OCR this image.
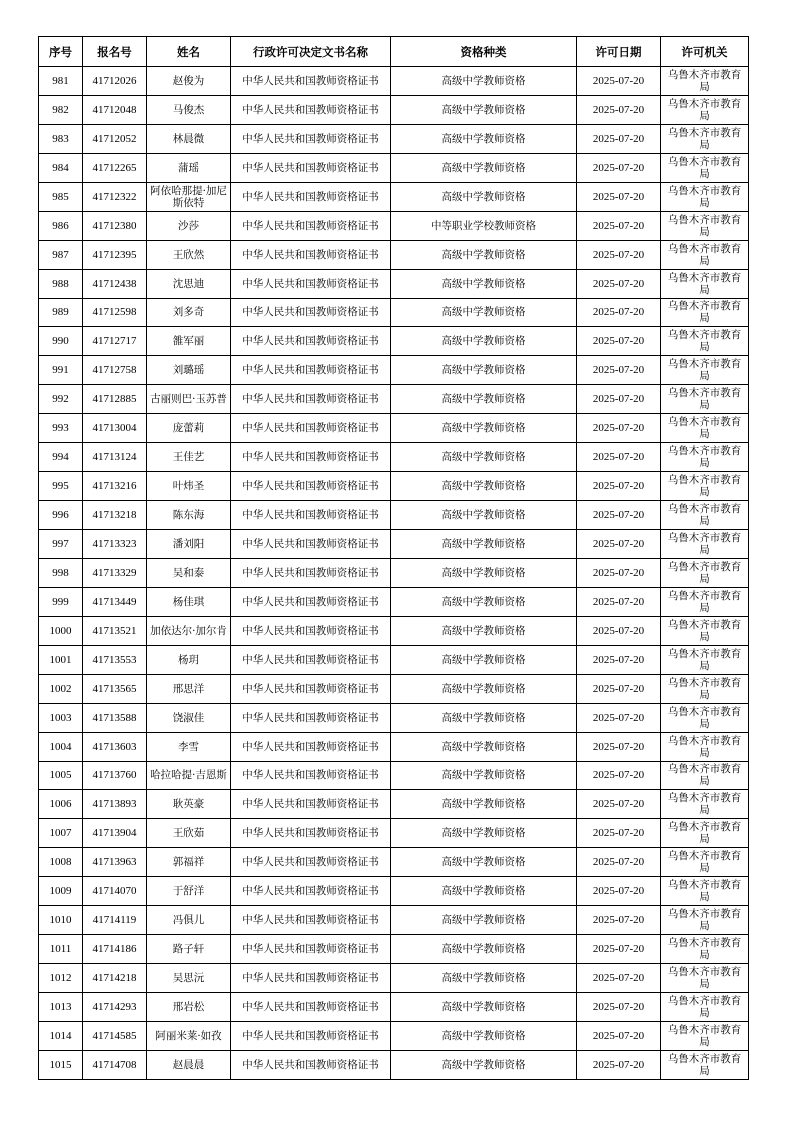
序号	报名号	姓名	行政许可决定文书名称	资格种类	许可日期	许可机关
981	41712026	赵俊为	中华人民共和国教师资格证书	高级中学教师资格	2025-07-20	乌鲁木齐市教育局
982	41712048	马俊杰	中华人民共和国教师资格证书	高级中学教师资格	2025-07-20	乌鲁木齐市教育局
983	41712052	林晨微	中华人民共和国教师资格证书	高级中学教师资格	2025-07-20	乌鲁木齐市教育局
984	41712265	蒲瑶	中华人民共和国教师资格证书	高级中学教师资格	2025-07-20	乌鲁木齐市教育局
985	41712322	阿依哈那提·加尼斯依特	中华人民共和国教师资格证书	高级中学教师资格	2025-07-20	乌鲁木齐市教育局
986	41712380	沙莎	中华人民共和国教师资格证书	中等职业学校教师资格	2025-07-20	乌鲁木齐市教育局
987	41712395	王欣然	中华人民共和国教师资格证书	高级中学教师资格	2025-07-20	乌鲁木齐市教育局
988	41712438	沈思迪	中华人民共和国教师资格证书	高级中学教师资格	2025-07-20	乌鲁木齐市教育局
989	41712598	刘多奇	中华人民共和国教师资格证书	高级中学教师资格	2025-07-20	乌鲁木齐市教育局
990	41712717	雒军丽	中华人民共和国教师资格证书	高级中学教师资格	2025-07-20	乌鲁木齐市教育局
991	41712758	刘璐瑶	中华人民共和国教师资格证书	高级中学教师资格	2025-07-20	乌鲁木齐市教育局
992	41712885	古丽则巴·玉苏普	中华人民共和国教师资格证书	高级中学教师资格	2025-07-20	乌鲁木齐市教育局
993	41713004	庞蕾莉	中华人民共和国教师资格证书	高级中学教师资格	2025-07-20	乌鲁木齐市教育局
994	41713124	王佳艺	中华人民共和国教师资格证书	高级中学教师资格	2025-07-20	乌鲁木齐市教育局
995	41713216	叶炜圣	中华人民共和国教师资格证书	高级中学教师资格	2025-07-20	乌鲁木齐市教育局
996	41713218	陈东海	中华人民共和国教师资格证书	高级中学教师资格	2025-07-20	乌鲁木齐市教育局
997	41713323	潘刘阳	中华人民共和国教师资格证书	高级中学教师资格	2025-07-20	乌鲁木齐市教育局
998	41713329	吴和泰	中华人民共和国教师资格证书	高级中学教师资格	2025-07-20	乌鲁木齐市教育局
999	41713449	杨佳琪	中华人民共和国教师资格证书	高级中学教师资格	2025-07-20	乌鲁木齐市教育局
1000	41713521	加依达尔·加尔肯	中华人民共和国教师资格证书	高级中学教师资格	2025-07-20	乌鲁木齐市教育局
1001	41713553	杨玥	中华人民共和国教师资格证书	高级中学教师资格	2025-07-20	乌鲁木齐市教育局
1002	41713565	邢思洋	中华人民共和国教师资格证书	高级中学教师资格	2025-07-20	乌鲁木齐市教育局
1003	41713588	饶淑佳	中华人民共和国教师资格证书	高级中学教师资格	2025-07-20	乌鲁木齐市教育局
1004	41713603	李雪	中华人民共和国教师资格证书	高级中学教师资格	2025-07-20	乌鲁木齐市教育局
1005	41713760	哈拉哈提·吉恩斯	中华人民共和国教师资格证书	高级中学教师资格	2025-07-20	乌鲁木齐市教育局
1006	41713893	耿英豪	中华人民共和国教师资格证书	高级中学教师资格	2025-07-20	乌鲁木齐市教育局
1007	41713904	王欣茹	中华人民共和国教师资格证书	高级中学教师资格	2025-07-20	乌鲁木齐市教育局
1008	41713963	郭福祥	中华人民共和国教师资格证书	高级中学教师资格	2025-07-20	乌鲁木齐市教育局
1009	41714070	于舒洋	中华人民共和国教师资格证书	高级中学教师资格	2025-07-20	乌鲁木齐市教育局
1010	41714119	冯俱儿	中华人民共和国教师资格证书	高级中学教师资格	2025-07-20	乌鲁木齐市教育局
1011	41714186	路子轩	中华人民共和国教师资格证书	高级中学教师资格	2025-07-20	乌鲁木齐市教育局
1012	41714218	吴思沅	中华人民共和国教师资格证书	高级中学教师资格	2025-07-20	乌鲁木齐市教育局
1013	41714293	邢岩松	中华人民共和国教师资格证书	高级中学教师资格	2025-07-20	乌鲁木齐市教育局
1014	41714585	阿丽米莱·如孜	中华人民共和国教师资格证书	高级中学教师资格	2025-07-20	乌鲁木齐市教育局
1015	41714708	赵晨晨	中华人民共和国教师资格证书	高级中学教师资格	2025-07-20	乌鲁木齐市教育局
